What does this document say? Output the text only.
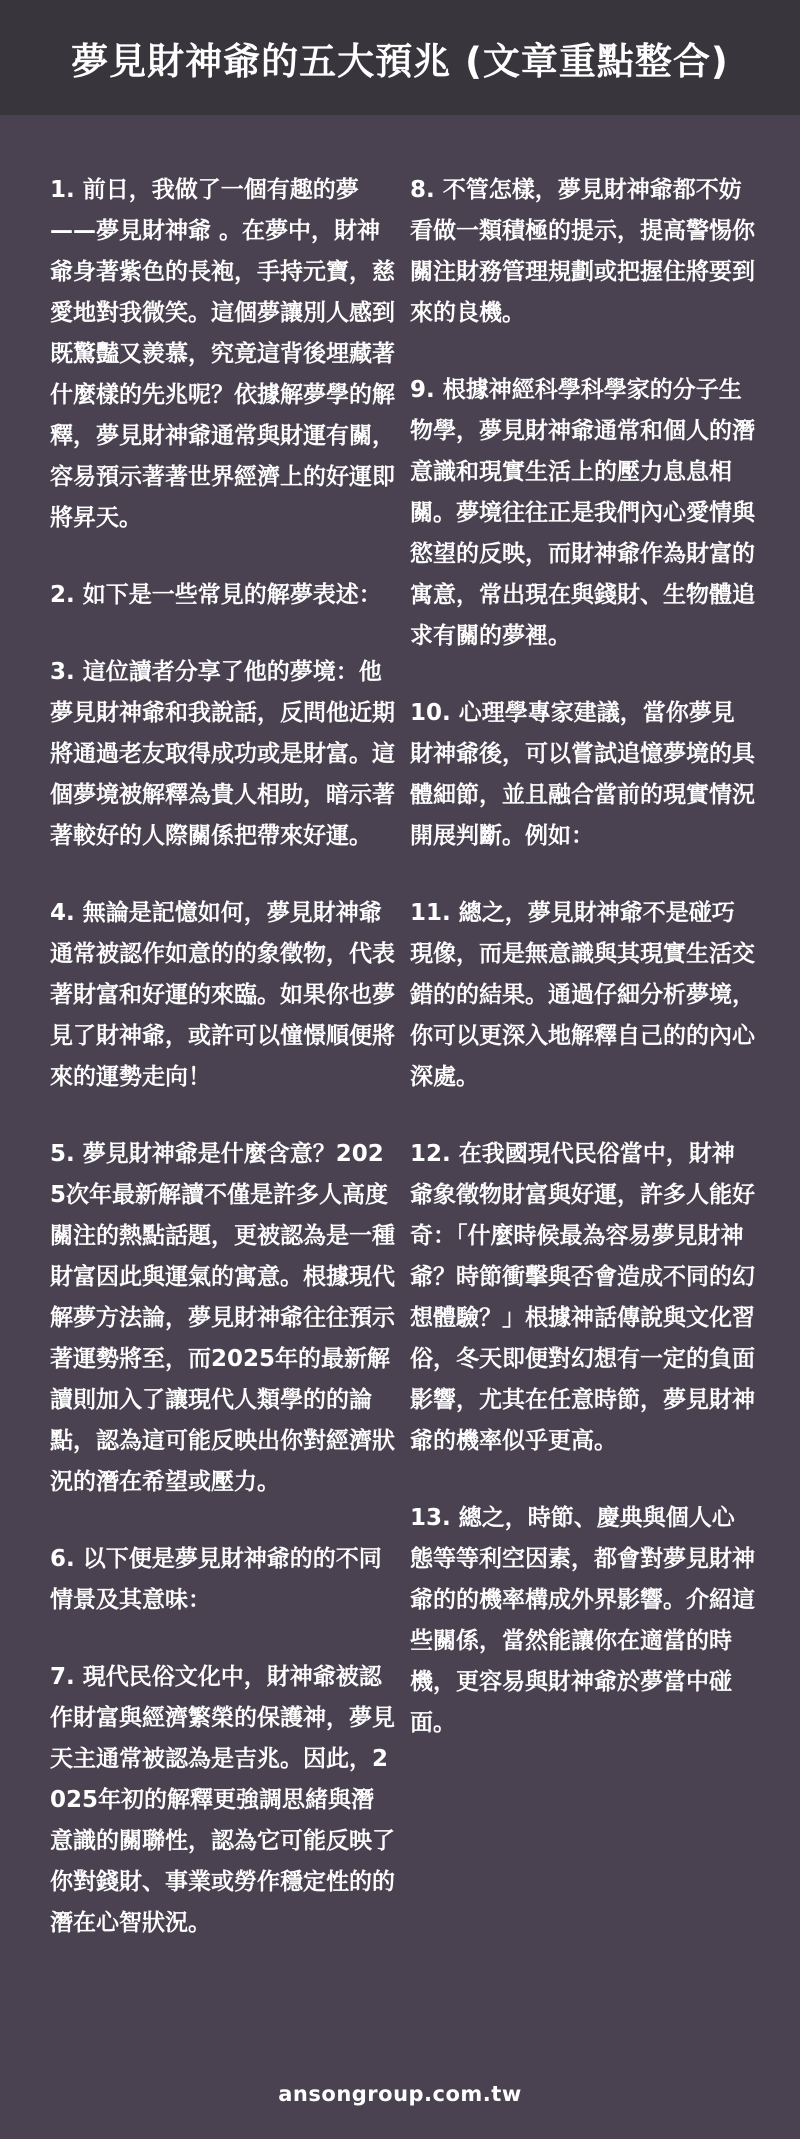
夢見財神爺的五大預兆 (文章重點整合)

1. 前日，我做了一個有趣的夢——夢見財神爺 。在夢中，財神爺身著紫色的長袍，手持元寶，慈愛地對我微笑。這個夢讓別人感到既驚豔又羨慕，究竟這背後埋藏著什麼樣的先兆呢？依據解夢學的解釋，夢見財神爺通常與財運有關，容易預示著著世界經濟上的好運即將昇天。

2. 如下是一些常見的解夢表述：

3. 這位讀者分享了他的夢境：他夢見財神爺和我說話，反問他近期將通過老友取得成功或是財富。這個夢境被解釋為貴人相助，暗示著著較好的人際關係把帶來好運。

4. 無論是記憶如何，夢見財神爺通常被認作如意的的象徵物，代表著財富和好運的來臨。如果你也夢見了財神爺，或許可以憧憬順便將來的運勢走向！

5. 夢見財神爺是什麼含意？2025次年最新解讀不僅是許多人高度關注的熱點話題，更被認為是一種財富因此與運氣的寓意。根據現代解夢方法論，夢見財神爺往往預示著運勢將至，而2025年的最新解讀則加入了讓現代人類學的的論點，認為這可能反映出你對經濟狀況的潛在希望或壓力。

6. 以下便是夢見財神爺的的不同情景及其意味：

7. 現代民俗文化中，財神爺被認作財富與經濟繁榮的保護神，夢見天主通常被認為是吉兆。因此，2025年初的解釋更強調思緒與潛意識的關聯性，認為它可能反映了你對錢財、事業或勞作穩定性的的潛在心智狀況。

8. 不管怎樣，夢見財神爺都不妨看做一類積極的提示，提高警惕你關注財務管理規劃或把握住將要到來的良機。

9. 根據神經科學科學家的分子生物學，夢見財神爺通常和個人的潛意識和現實生活上的壓力息息相關。夢境往往正是我們內心愛情與慾望的反映，而財神爺作為財富的寓意，常出現在與錢財、生物體追求有關的夢裡。

10. 心理學專家建議，當你夢見財神爺後，可以嘗試追憶夢境的具體細節，並且融合當前的現實情況開展判斷。例如：

11. 總之，夢見財神爺不是碰巧現像，而是無意識與其現實生活交錯的的結果。通過仔細分析夢境，你可以更深入地解釋自己的的內心深處。

12. 在我國現代民俗當中，財神爺象徵物財富與好運，許多人能好奇：「什麼時候最為容易夢見財神爺？時節衝擊與否會造成不同的幻想體驗？」根據神話傳說與文化習俗，冬天即便對幻想有一定的負面影響，尤其在任意時節，夢見財神爺的機率似乎更高。

13. 總之，時節、慶典與個人心態等等利空因素，都會對夢見財神爺的的機率構成外界影響。介紹這些關係，當然能讓你在適當的時機，更容易與財神爺於夢當中碰面。

ansongroup.com.tw
